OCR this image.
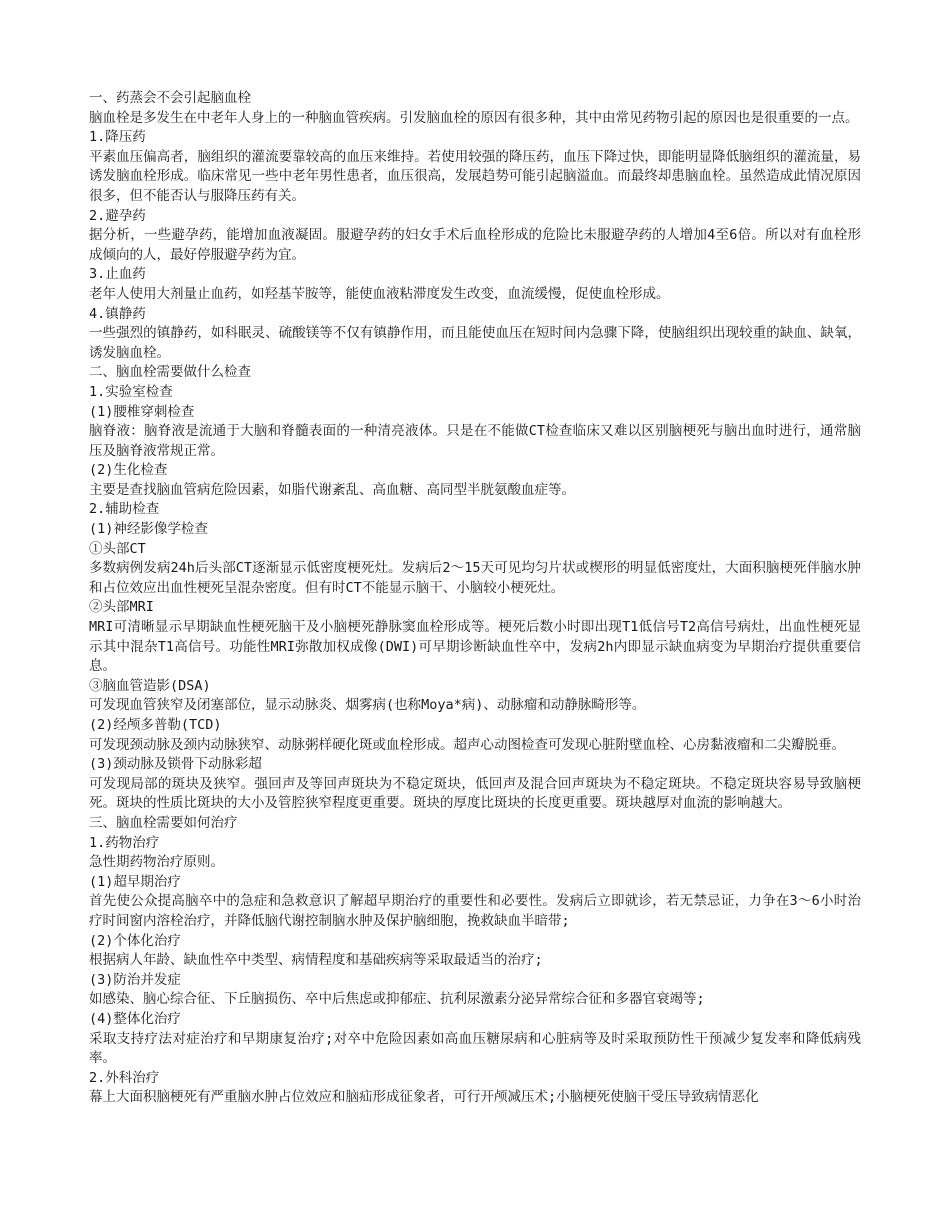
一、药蒸会不会引起脑血栓

脑血栓是多发生在中老年人身上的一种脑血管疾病。引发脑血栓的原因有很多种，其中由常见药物引起的原因也是很重要的一点。

1.降压药

平素血压偏高者，脑组织的灌流要靠较高的血压来维持。若使用较强的降压药，血压下降过快，即能明显降低脑组织的灌流量，易诱发脑血栓形成。临床常见一些中老年男性患者，血压很高，发展趋势可能引起脑溢血。而最终却患脑血栓。虽然造成此情况原因很多，但不能否认与服降压药有关。

2.避孕药

据分析，一些避孕药，能增加血液凝固。服避孕药的妇女手术后血栓形成的危险比未服避孕药的人增加4至6倍。所以对有血栓形成倾向的人，最好停服避孕药为宜。

3.止血药

老年人使用大剂量止血药，如羟基苄胺等，能使血液粘滞度发生改变，血流缓慢，促使血栓形成。

4.镇静药

一些强烈的镇静药，如科眠灵、硫酸镁等不仅有镇静作用，而且能使血压在短时间内急骤下降，使脑组织出现较重的缺血、缺氧，诱发脑血栓。

二、脑血栓需要做什么检查

1.实验室检查

(1)腰椎穿刺检查

脑脊液：脑脊液是流通于大脑和脊髓表面的一种清亮液体。只是在不能做CT检查临床又难以区别脑梗死与脑出血时进行，通常脑压及脑脊液常规正常。

(2)生化检查

主要是查找脑血管病危险因素，如脂代谢紊乱、高血糖、高同型半胱氨酸血症等。

2.辅助检查

(1)神经影像学检查

①头部CT

多数病例发病24h后头部CT逐渐显示低密度梗死灶。发病后2～15天可见均匀片状或楔形的明显低密度灶，大面积脑梗死伴脑水肿和占位效应出血性梗死呈混杂密度。但有时CT不能显示脑干、小脑较小梗死灶。

②头部MRI

MRI可清晰显示早期缺血性梗死脑干及小脑梗死静脉窦血栓形成等。梗死后数小时即出现T1低信号T2高信号病灶，出血性梗死显示其中混杂T1高信号。功能性MRI弥散加权成像(DWI)可早期诊断缺血性卒中，发病2h内即显示缺血病变为早期治疗提供重要信息。

③脑血管造影(DSA)

可发现血管狭窄及闭塞部位，显示动脉炎、烟雾病(也称Moya*病)、动脉瘤和动静脉畸形等。

(2)经颅多普勒(TCD)

可发现颈动脉及颈内动脉狭窄、动脉粥样硬化斑或血栓形成。超声心动图检查可发现心脏附壁血栓、心房黏液瘤和二尖瓣脱垂。

(3)颈动脉及锁骨下动脉彩超

可发现局部的斑块及狭窄。强回声及等回声斑块为不稳定斑块，低回声及混合回声斑块为不稳定斑块。不稳定斑块容易导致脑梗死。斑块的性质比斑块的大小及管腔狭窄程度更重要。斑块的厚度比斑块的长度更重要。斑块越厚对血流的影响越大。

三、脑血栓需要如何治疗

1.药物治疗

急性期药物治疗原则。

(1)超早期治疗

首先使公众提高脑卒中的急症和急救意识了解超早期治疗的重要性和必要性。发病后立即就诊，若无禁忌证，力争在3～6小时治疗时间窗内溶栓治疗，并降低脑代谢控制脑水肿及保护脑细胞，挽救缺血半暗带;

(2)个体化治疗

根据病人年龄、缺血性卒中类型、病情程度和基础疾病等采取最适当的治疗;

(3)防治并发症

如感染、脑心综合征、下丘脑损伤、卒中后焦虑或抑郁症、抗利尿激素分泌异常综合征和多器官衰竭等;

(4)整体化治疗

采取支持疗法对症治疗和早期康复治疗;对卒中危险因素如高血压糖尿病和心脏病等及时采取预防性干预减少复发率和降低病残率。

2.外科治疗

幕上大面积脑梗死有严重脑水肿占位效应和脑疝形成征象者，可行开颅减压术;小脑梗死使脑干受压导致病情恶化
